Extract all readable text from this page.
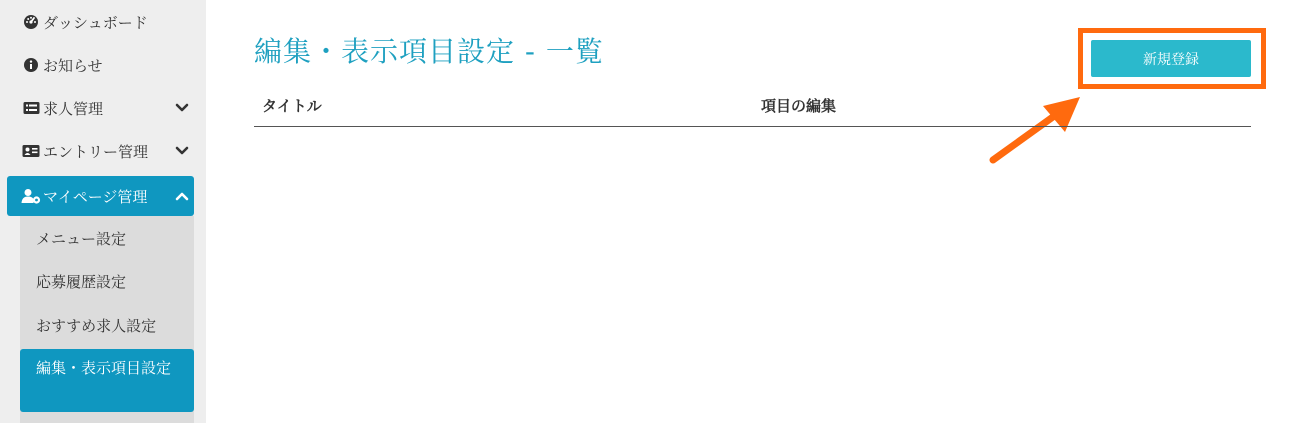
ダッシュボード
お知らせ
求人管理
エントリー管理
マイページ管理
メニュー設定
応募履歴設定
おすすめ求人設定
編集・表示項目設定
編集・表示項目設定 - 一覧	新規登録
タイトル	項目の編集
